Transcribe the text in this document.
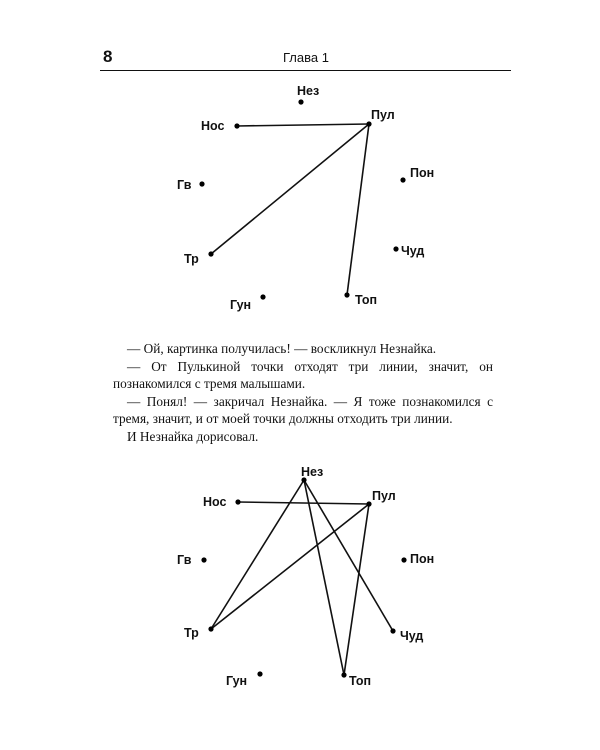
8	Глава 1
Нез
Нос
Пул
Гв
Пон
Тр
Чуд
Гун	Топ

— Ой, картинка получилась! — воскликнул Незнайка.

— От Пулькиной точки отходят три линии, значит, он познакомился с тремя малышами.

— Понял! — закричал Незнайка. — Я тоже познакомился с тремя, значит, и от моей точки должны отходить три линии.

И Незнайка дорисовал.

Нез
Нос	Пул
Гв	Пон
Тр	Чуд
Гун	Топ
